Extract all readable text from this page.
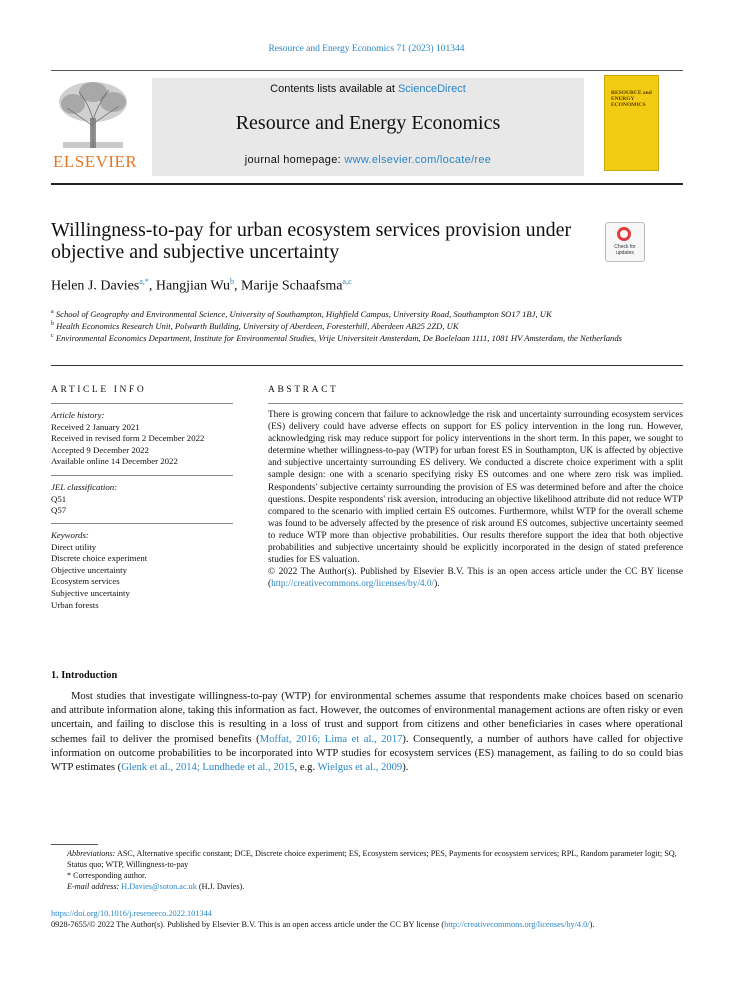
Resource and Energy Economics 71 (2023) 101344
ELSEVIER
Contents lists available at ScienceDirect
Resource and Energy Economics
journal homepage: www.elsevier.com/locate/ree
RESOURCE and ENERGY ECONOMICS
Willingness-to-pay for urban ecosystem services provision under objective and subjective uncertainty	Check for updates
Helen J. Davies$^{a,*}$, Hangjian Wu$^b$, Marije Schaafsma$^{a,c}$
$^a$ School of Geography and Environmental Science, University of Southampton, Highfield Campus, University Road, Southampton SO17 1BJ, UK
$^b$ Health Economics Research Unit, Polwarth Building, University of Aberdeen, Foresterhill, Aberdeen AB25 2ZD, UK
$^c$ Environmental Economics Department, Institute for Environmental Studies, Vrije Universiteit Amsterdam, De Boelelaan 1111, 1081 HV Amsterdam, the Netherlands
ARTICLE INFO
Article history:
Received 2 January 2021
Received in revised form 2 December 2022
Accepted 9 December 2022
Available online 14 December 2022
JEL classification:
Q51
Q57
Keywords:
Direct utility
Discrete choice experiment
Objective uncertainty
Ecosystem services
Subjective uncertainty
Urban forests
ABSTRACT
There is growing concern that failure to acknowledge the risk and uncertainty surrounding ecosystem services (ES) delivery could have adverse effects on support for ES policy intervention in the long run. However, acknowledging risk may reduce support for policy interventions in the short term. In this paper, we sought to determine whether willingness-to-pay (WTP) for urban forest ES in Southampton, UK is affected by objective and subjective uncertainty surrounding ES delivery. We conducted a discrete choice experiment with a split sample design: one with a scenario specifying risky ES outcomes and one where zero risk was implied. Respondents' subjective certainty surrounding the provision of ES was determined before and after the choice questions. Despite respondents' risk aversion, introducing an objective likelihood attribute did not reduce WTP compared to the scenario with implied certain ES outcomes. Furthermore, whilst WTP for the overall scheme was found to be adversely affected by the presence of risk around ES outcomes, subjective uncertainty seemed to reduce WTP more than objective probabilities. Our results therefore support the idea that both objective probabilities and subjective uncertainty should be explicitly incorporated in the design of stated preference studies for ES valuation.
© 2022 The Author(s). Published by Elsevier B.V. This is an open access article under the CC BY license (http://creativecommons.org/licenses/by/4.0/).
1. Introduction
Most studies that investigate willingness-to-pay (WTP) for environmental schemes assume that respondents make choices based on scenario and attribute information alone, taking this information as fact. However, the outcomes of environmental management actions are often risky or even uncertain, and failing to disclose this is resulting in a loss of trust and support from citizens and other beneficiaries in cases where operational schemes fail to deliver the promised benefits (Moffat, 2016; Lima et al., 2017). Consequently, a number of authors have called for objective information on outcome probabilities to be incorporated into WTP studies for ecosystem services (ES) management, as failing to do so could bias WTP estimates (Glenk et al., 2014; Lundhede et al., 2015, e.g. Wielgus et al., 2009).

Abbreviations: ASC, Alternative specific constant; DCE, Discrete choice experiment; ES, Ecosystem services; PES, Payments for ecosystem services; RPL, Random parameter logit; SQ, Status quo; WTP, Willingness-to-pay

* Corresponding author.

E-mail address: H.Davies@soton.ac.uk (H.J. Davies).

https://doi.org/10.1016/j.reseneeco.2022.101344
0928-7655/© 2022 The Author(s). Published by Elsevier B.V. This is an open access article under the CC BY license (http://creativecommons.org/licenses/by/4.0/).
